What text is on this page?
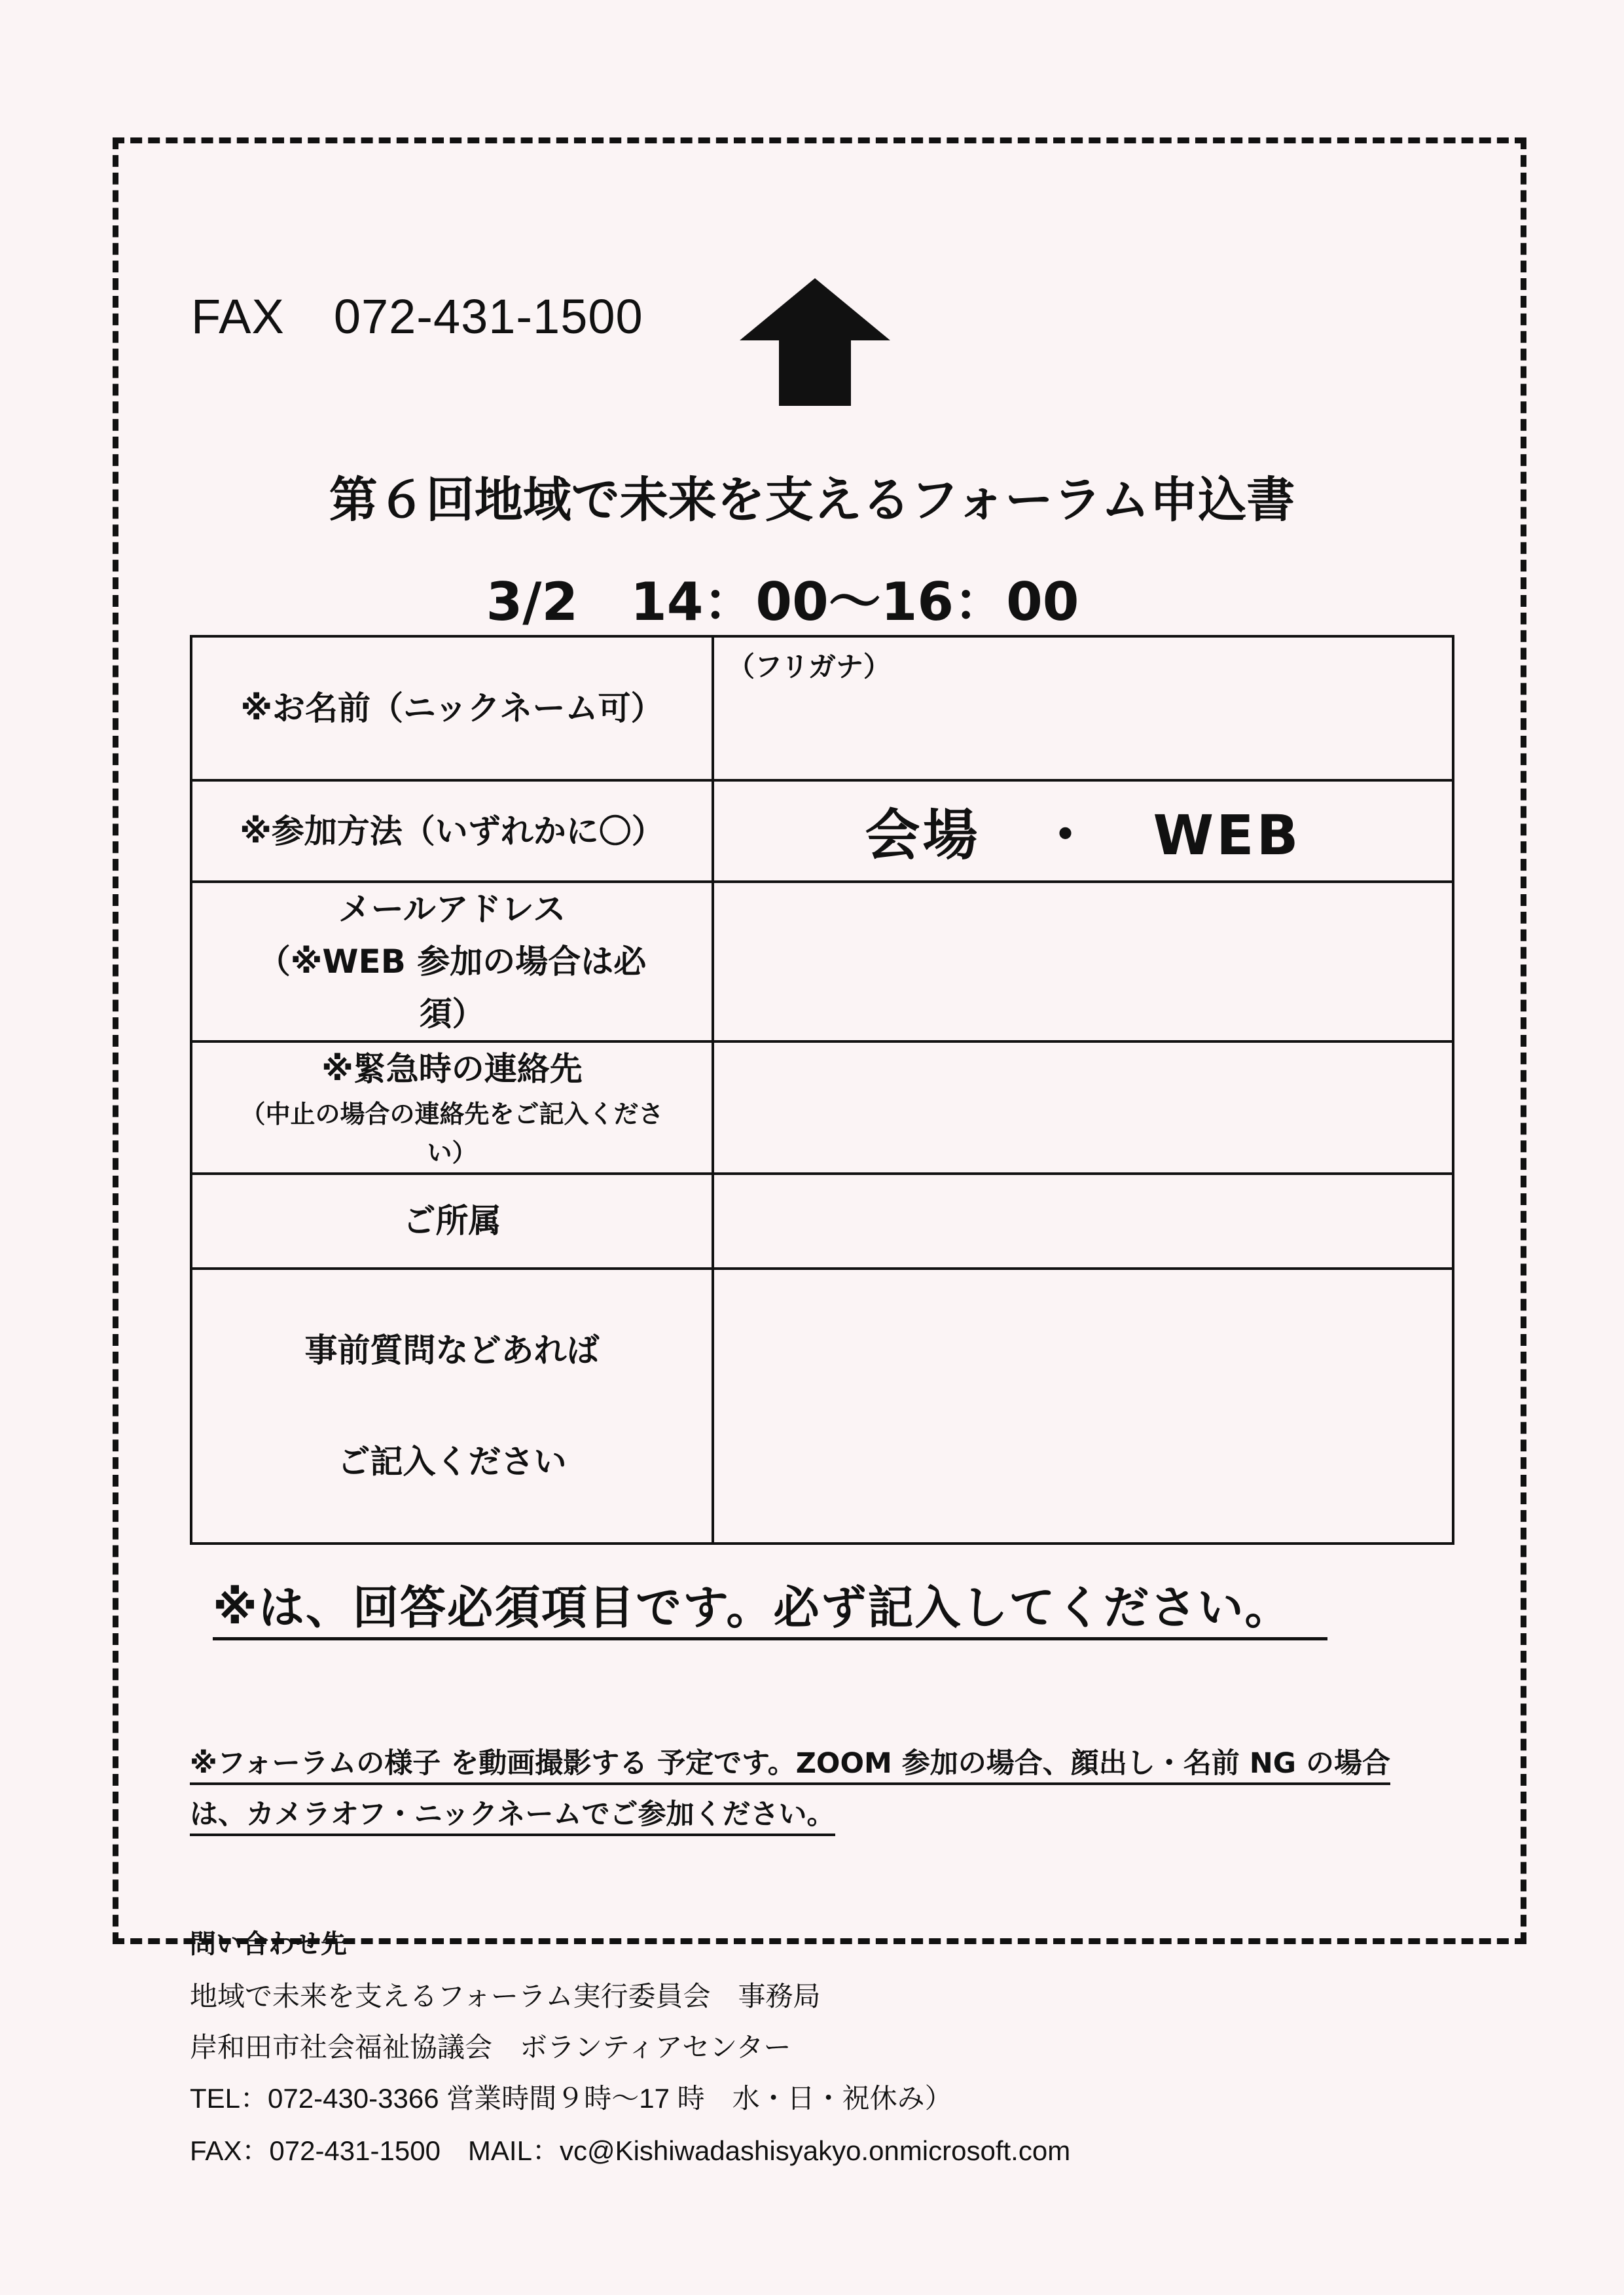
FAX　072-431-1500
第６回地域で未来を支えるフォーラム申込書
3/2　14：00～16：00
※お名前（ニックネーム可）	（フリガナ）

※参加方法（いずれかに〇）	会場　・　WEB

メールアドレス
（※WEB 参加の場合は必
須）	

※緊急時の連絡先
（中止の場合の連絡先をご記入くださ
い）	

ご所属	

事前質問などあれば
ご記入ください	

※は、回答必須項目です。必ず記入してください。
※フォーラムの様子 を動画撮影する 予定です。ZOOM 参加の場合、顔出し・名前 NG の場合
は、カメラオフ・ニックネームでご参加ください。
問い合わせ先
地域で未来を支えるフォーラム実行委員会　事務局
岸和田市社会福祉協議会　ボランティアセンター
TEL：072-430-3366 営業時間９時～17 時　水・日・祝休み）
FAX：072-431-1500　MAIL：vc@Kishiwadashisyakyo.onmicrosoft.com
